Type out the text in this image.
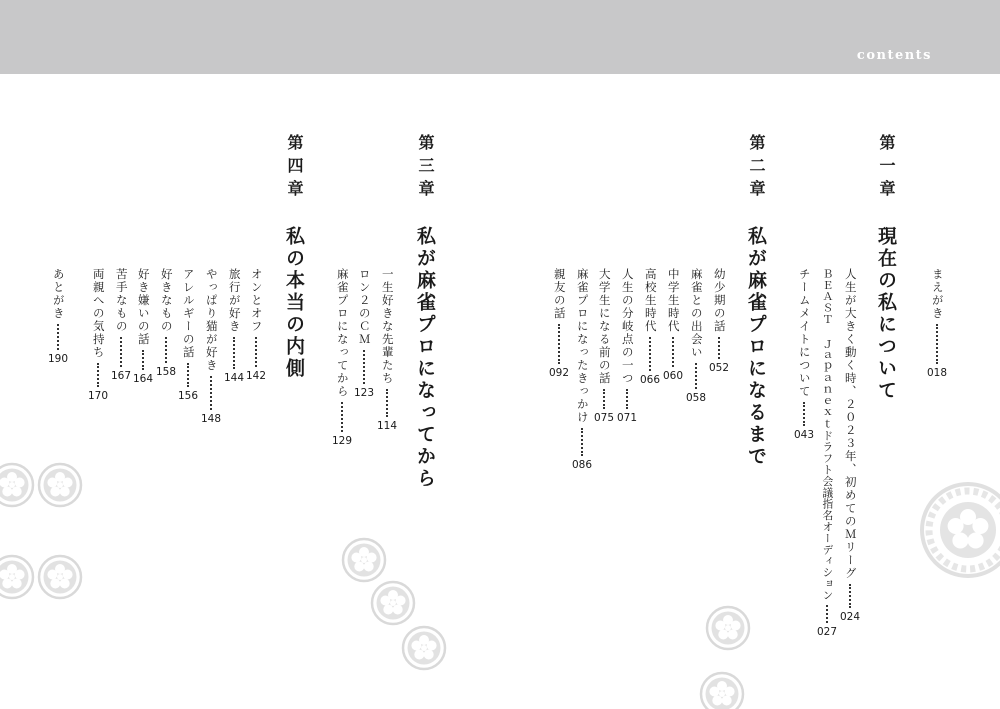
contents
まえがき
018
第一章
現在の私について
人生が大きく動く時、２０２３年、初めてのＭリーグ
024
ＢＥＡＳＴ Ｊａｐａｎｅｘｔドラフト会議指名オーディション
027
チームメイトについて
043
第二章
私が麻雀プロになるまで
幼少期の話
052
麻雀との出会い
058
中学生時代
060
高校生時代
066
人生の分岐点の一つ
071
大学生になる前の話
075
麻雀プロになったきっかけ
086
親友の話
092
第三章
私が麻雀プロになってから
一生好きな先輩たち
114
ロン２のＣＭ
123
麻雀プロになってから
129
第四章
私の本当の内側
オンとオフ
142
旅行が好き
144
やっぱり猫が好き
148
アレルギーの話
156
好きなもの
158
好き嫌いの話
164
苦手なもの
167
両親への気持ち
170
あとがき
190
